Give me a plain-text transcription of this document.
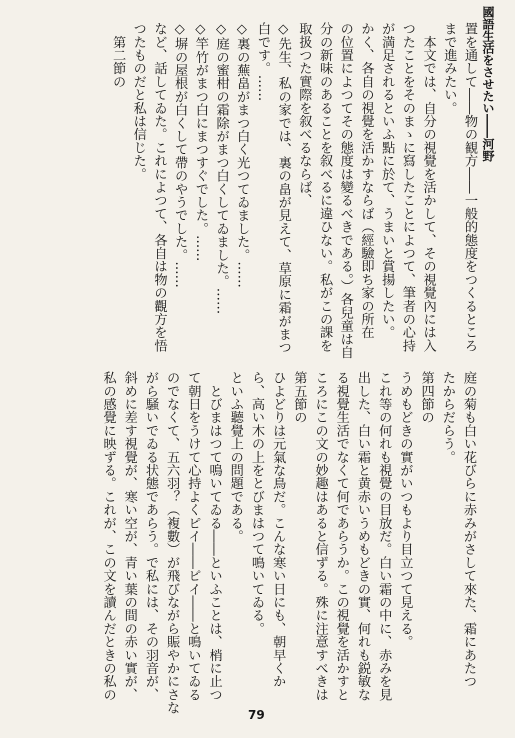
國語生活をさせたい――河野
置を通して――物の観方――一般的態度をつくるところ
まで進みたい。
　本文では、自分の視覺を活かして、その視覺內には入
つたことをそのまゝに寫したことによつて、筆者の心持
が満足されるといふ點に於て、うまいと賞揚したい。
かく、各自の視覺を活かすならば（經驗即ち家の所在
の位置によつてその態度は變るべきである。）各兒童は自
分の新味のあることを叙べるに違ひない。私がこの課を
取扱つた實際を叙べるならば、
◇先生、私の家では、裏の畠が見えて、草原に霜がまつ
白です。……
◇裏の蕪畠がまつ白く光つてゐました。……
◇庭の蜜柑の霜除がまつ白くしてゐました。……
◇竿竹がまつ白にまつすぐでした。……
◇塀の屋根が白くして帶のやうでした。……
など、話してゐた。これによつて、各自は物の觀方を悟
つたものだと私は信じた。
　第二節の
庭の菊も白い花びらに赤みがさして來た、霜にあたつ
たからだらう。
第四節の
うめもどきの實がいつもより目立つて見える。
これ等の何れも視覺の目放だ。白い霜の中に、赤みを見
出した、白い霜と黄赤いうめもどきの實、何れも鋭敏な
る視覺生活でなくて何であらうか。この視覺を活かすと
ころにこの文の妙趣はあると信ずる。殊に注意すべきは
第五節の
ひよどりは元氣な鳥だ。こんな寒い日にも、朝早くか
ら、高い木の上をとびまはつて鳴いてゐる。
といふ聽覺上の問題である。
　とびまはつて鳴いてゐる――といふことは、梢に止つ
て朝日をうけて心持よくピイ――ピイ――と鳴いてゐる
のでなくて、五六羽？（複數）が飛びながら賑やかにさな
がら騒いでゐる状態であらう。で私には、その羽音が、
斜めに差す視覺が、寒い空が、青い葉の間の赤い實が、
私の感覺に映ずる。これが、この文を讀んだときの私の
79
